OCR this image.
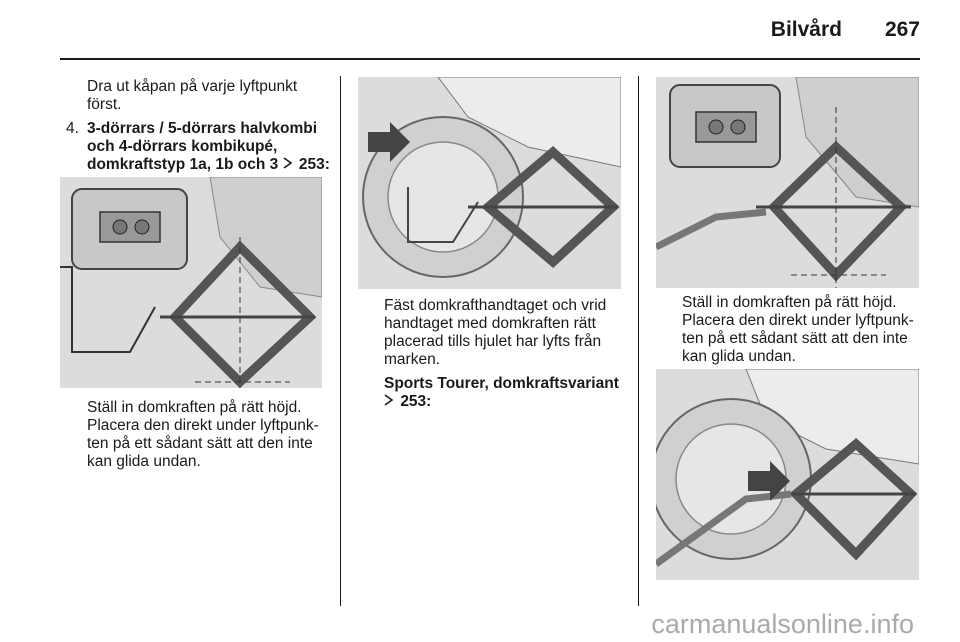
Bilvård 267
Dra ut kåpan på varje lyftpunkt
först.
4. 3-dörrars / 5-dörrars halvkombi
och 4-dörrars kombikupé,
domkraftstyp 1a, 1b och 3 253:
Ställ in domkraften på rätt höjd.
Placera den direkt under lyftpunk-
ten på ett sådant sätt att den inte
kan glida undan.
Fäst domkrafthandtaget och vrid
handtaget med domkraften rätt
placerad tills hjulet har lyfts från
marken.
Sports Tourer, domkraftsvariant
253:
Ställ in domkraften på rätt höjd.
Placera den direkt under lyftpunk-
ten på ett sådant sätt att den inte
kan glida undan.
carmanualsonline.info
